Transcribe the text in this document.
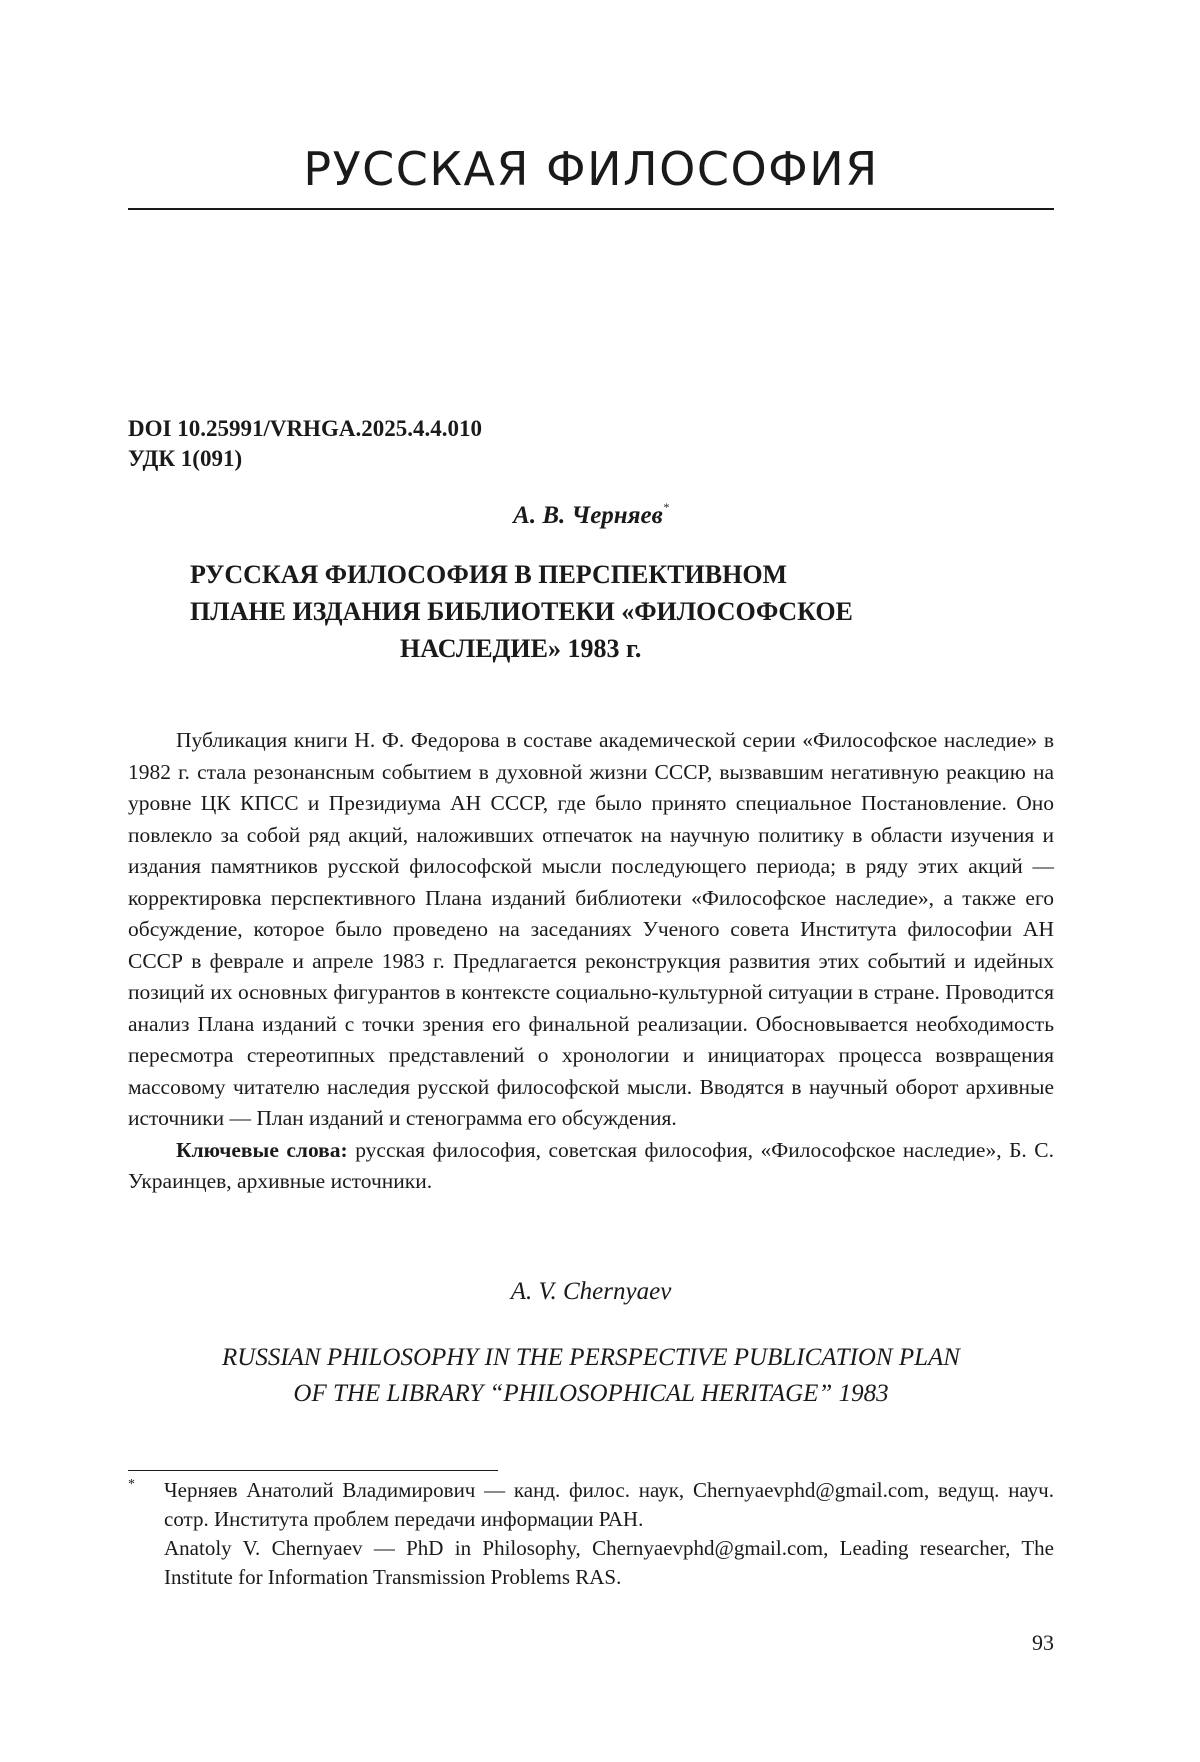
РУССКАЯ ФИЛОСОФИЯ
DOI 10.25991/VRHGA.2025.4.4.010
УДК 1(091)
А. В. Черняев*
РУССКАЯ ФИЛОСОФИЯ В ПЕРСПЕКТИВНОМ
ПЛАНЕ ИЗДАНИЯ БИБЛИОТЕКИ «ФИЛОСОФСКОЕ
НАСЛЕДИЕ» 1983 г.

Публикация книги Н. Ф. Федорова в составе академической серии «Философское наследие» в 1982 г. стала резонансным событием в духовной жизни СССР, вызвавшим негативную реакцию на уровне ЦК КПСС и Президиума АН СССР, где было принято специальное Постановление. Оно повлекло за собой ряд акций, наложивших отпечаток на научную политику в области изучения и издания памятников русской философской мысли последующего периода; в ряду этих акций — корректировка перспективного Плана изданий библиотеки «Философское наследие», а также его обсуждение, которое было проведено на заседаниях Ученого совета Института философии АН СССР в феврале и апреле 1983 г. Предлагается реконструкция развития этих событий и идейных позиций их основных фигурантов в контексте социально-культурной ситуации в стране. Проводится анализ Плана изданий с точки зрения его финальной реализации. Обосновывается необходимость пересмотра стереотипных представлений о хронологии и инициаторах процесса возвращения массовому читателю наследия русской философской мысли. Вводятся в научный оборот архивные источники — План изданий и стенограмма его обсуждения.

Ключевые слова: русская философия, советская философия, «Философское наследие», Б. С. Украинцев, архивные источники.

A. V. Chernyaev
RUSSIAN PHILOSOPHY IN THE PERSPECTIVE PUBLICATION PLAN
OF THE LIBRARY “PHILOSOPHICAL HERITAGE” 1983
* Черняев Анатолий Владимирович — канд. филос. наук, Chernyaevphd@gmail.com, ведущ. науч. сотр. Института проблем передачи информации РАН.
Anatoly V. Chernyaev — PhD in Philosophy, Chernyaevphd@gmail.com, Leading researcher, The Institute for Information Transmission Problems RAS.
93
